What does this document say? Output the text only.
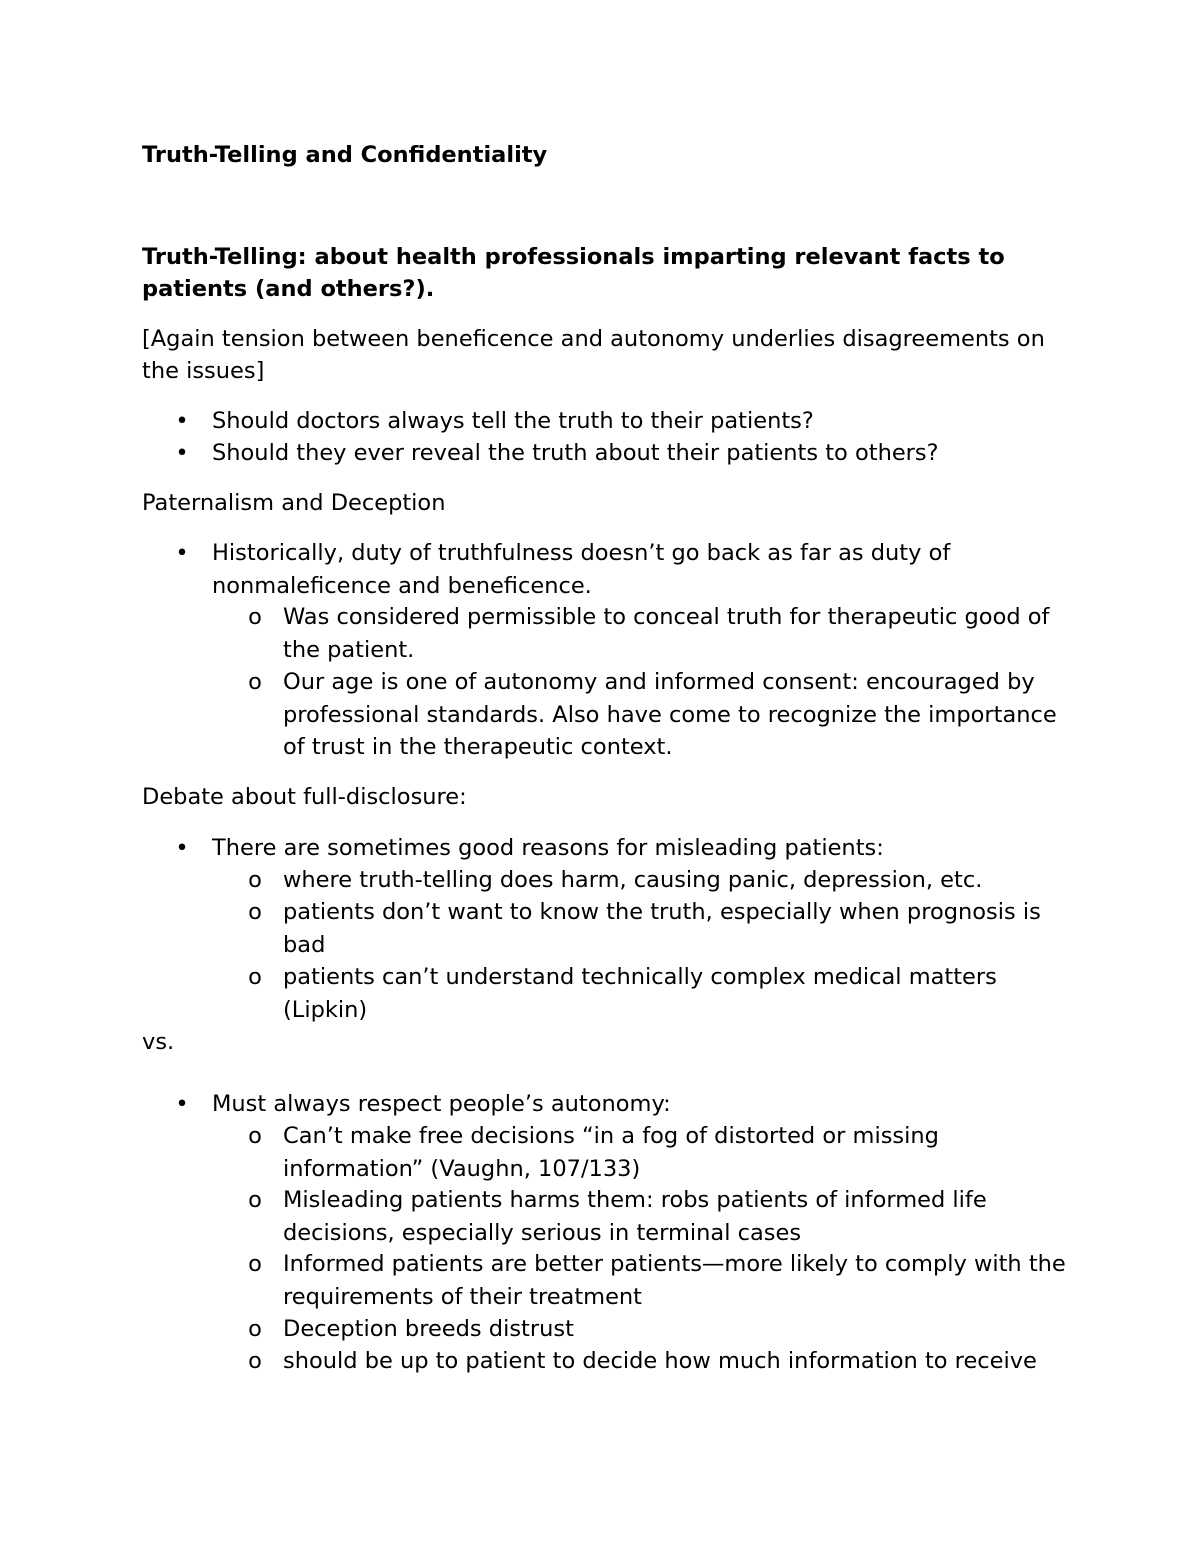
Truth-Telling and Confidentiality

Truth-Telling: about health professionals imparting relevant facts to patients (and others?).

[Again tension between beneficence and autonomy underlies disagreements on the issues]

• Should doctors always tell the truth to their patients?
• Should they ever reveal the truth about their patients to others?

Paternalism and Deception

• Historically, duty of truthfulness doesn’t go back as far as duty of nonmaleficence and beneficence.
o Was considered permissible to conceal truth for therapeutic good of the patient.
o Our age is one of autonomy and informed consent: encouraged by professional standards. Also have come to recognize the importance of trust in the therapeutic context.

Debate about full-disclosure:

• There are sometimes good reasons for misleading patients:
o where truth-telling does harm, causing panic, depression, etc.
o patients don’t want to know the truth, especially when prognosis is bad
o patients can’t understand technically complex medical matters (Lipkin)

vs.

• Must always respect people’s autonomy:
o Can’t make free decisions “in a fog of distorted or missing information” (Vaughn, 107/133)
o Misleading patients harms them: robs patients of informed life decisions, especially serious in terminal cases
o Informed patients are better patients—more likely to comply with the requirements of their treatment
o Deception breeds distrust
o should be up to patient to decide how much information to receive
